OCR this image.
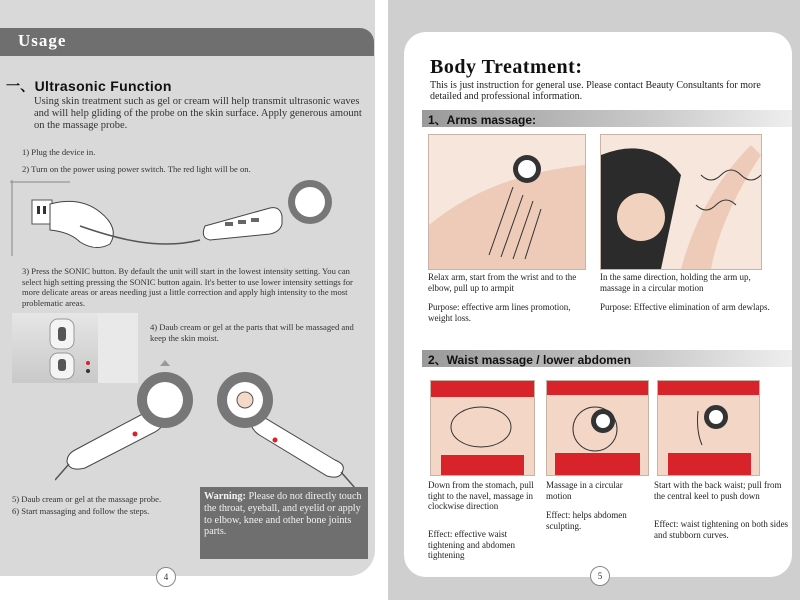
Usage
一、Ultrasonic Function
Using skin treatment such as gel or cream will help transmit ultrasonic waves and will help gliding of the probe on the skin surface. Apply generous amount on the massage probe.
1) Plug the device in.
2) Turn on the power using power switch. The red light will be on.
3) Press the SONIC button. By default the unit will start in the lowest intensity setting. You can select high setting pressing the SONIC button again. It's better to use lower intensity settings for more delicate areas or areas needing just a little correction and apply high intensity to the most problematic areas.
4) Daub cream or gel at the parts that will be massaged and keep the skin moist.
5) Daub cream or gel at the massage probe.
6) Start massaging and follow the steps.
Warning: Please do not directly touch the throat, eyeball, and eyelid or apply to elbow, knee and other bone joints parts.
4
Body Treatment:
This is just instruction for general use. Please contact Beauty Consultants for more detailed and professional information.
1、Arms massage:
Relax arm, start from the wrist and to the elbow, pull up to armpit
Purpose: effective arm lines promotion, weight loss.
In the same direction, holding the arm up, massage in a circular motion
Purpose: Effective elimination of arm dewlaps.
2、Waist massage / lower abdomen
Down from the stomach, pull tight to the navel, massage in clockwise direction
Effect: effective waist tightening and abdomen tightening
Massage in a circular motion
Effect: helps abdomen sculpting.
Start with the back waist; pull from the central keel to push down
Effect: waist tightening on both sides and stubborn curves.
5
